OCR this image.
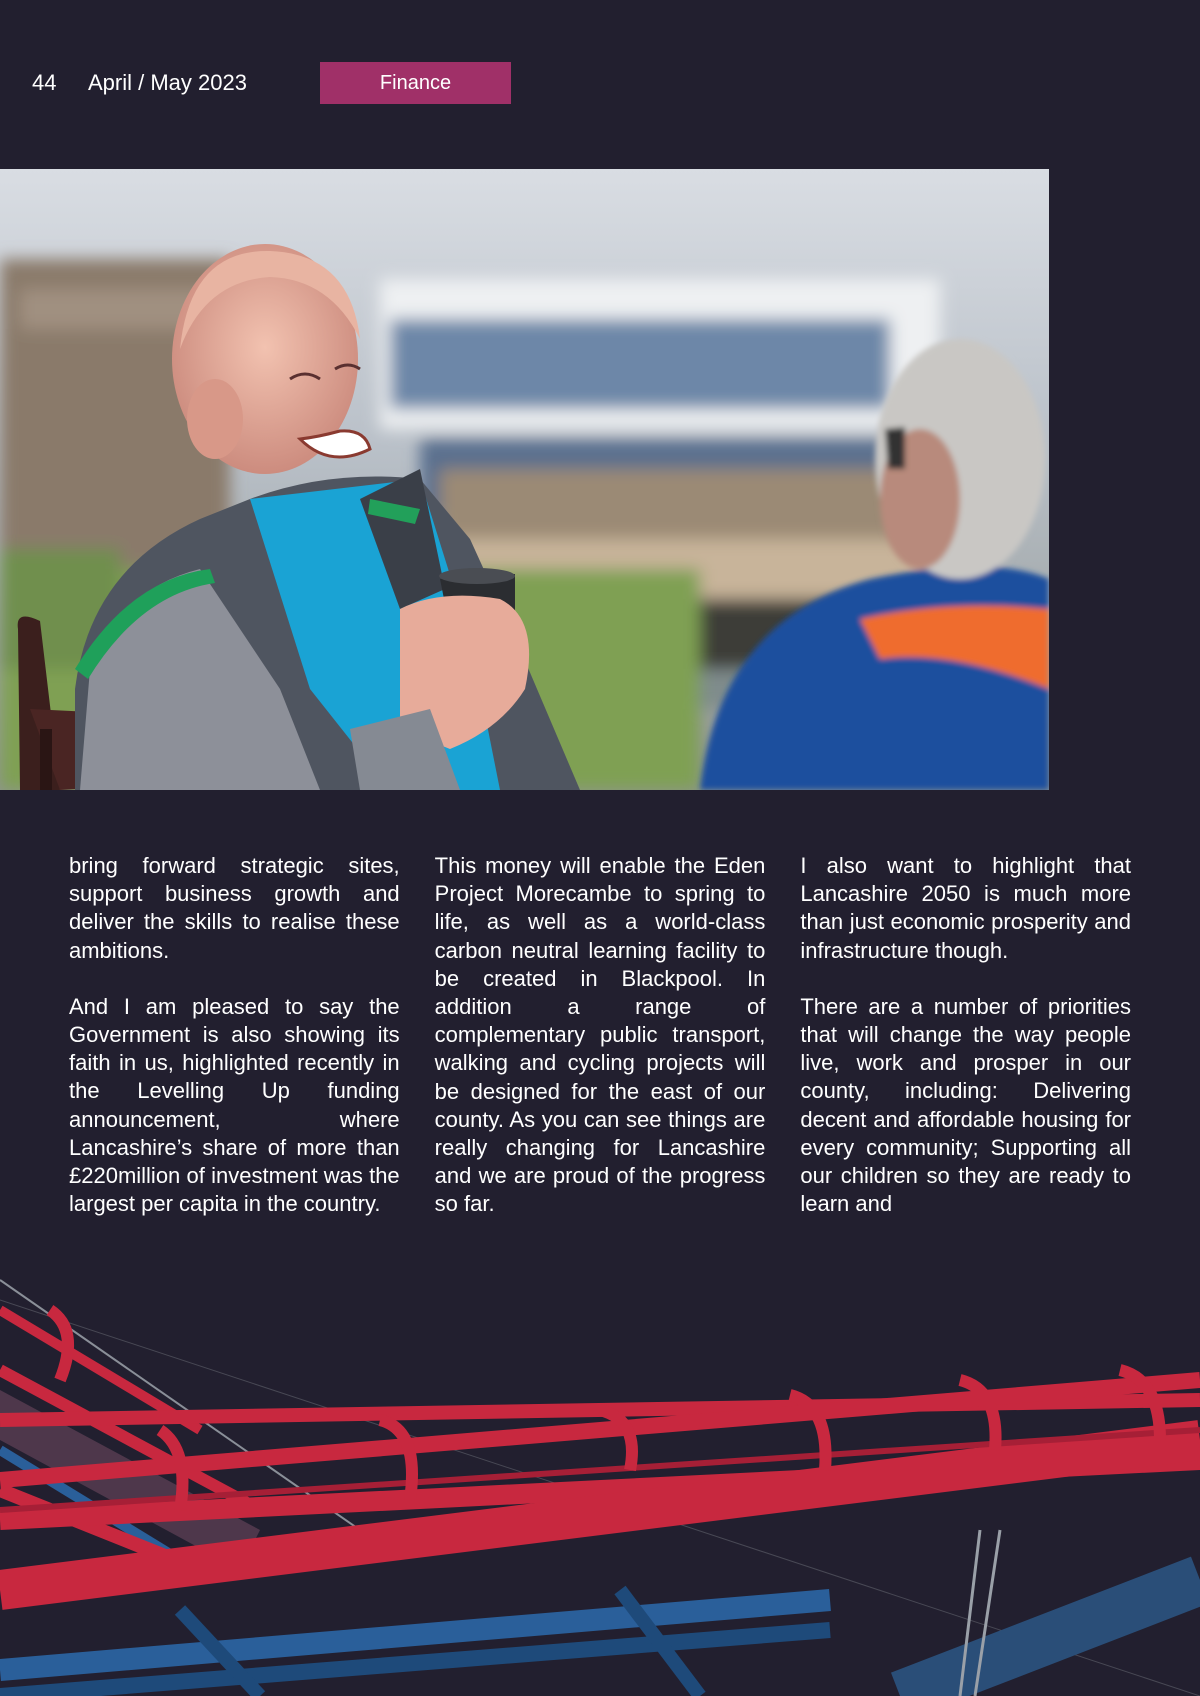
44 April / May 2023	Finance

bring forward strategic sites, support business growth and deliver the skills to realise these ambitions.

And I am pleased to say the Government is also showing its faith in us, highlighted recently in the Levelling Up funding announcement, where Lancashire’s share of more than £220million of investment was the largest per capita in the country.

This money will enable the Eden Project Morecambe to spring to life, as well as a world-class carbon neutral learning facility to be created in Blackpool. In addition a range of complementary public transport, walking and cycling projects will be designed for the east of our county. As you can see things are really changing for Lancashire and we are proud of the progress so far.

I also want to highlight that Lancashire 2050 is much more than just economic prosperity and infrastructure though.

There are a number of priorities that will change the way people live, work and prosper in our county, including: Delivering decent and affordable housing for every community; Supporting all our children so they are ready to learn and
